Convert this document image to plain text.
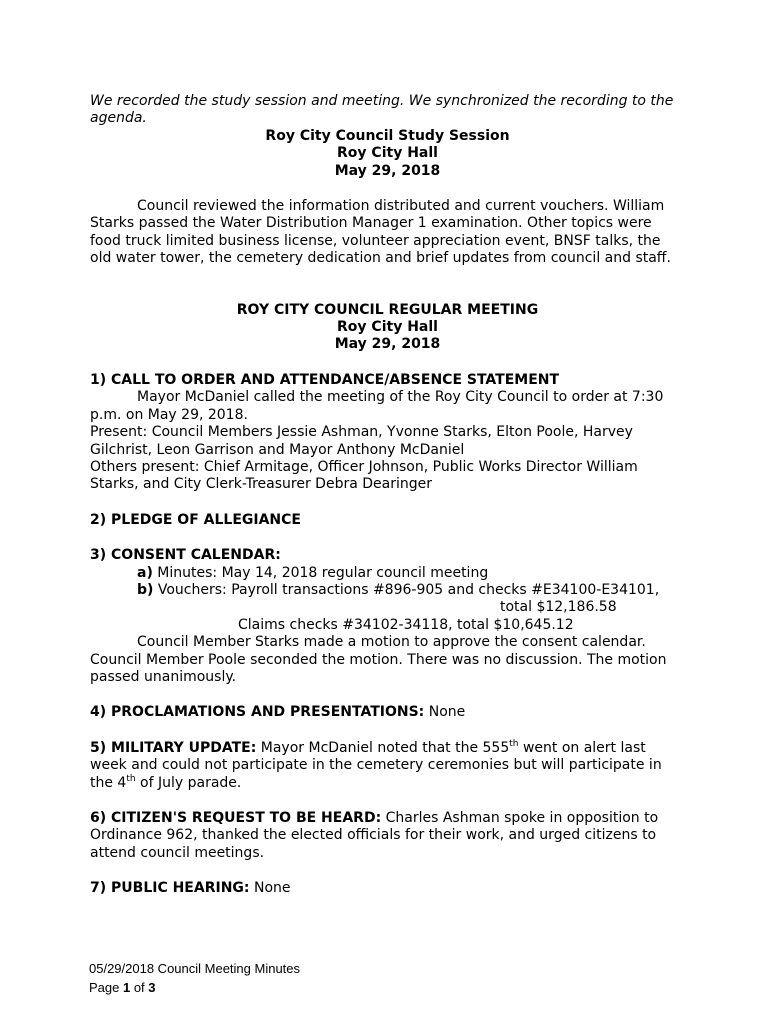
We recorded the study session and meeting. We synchronized the recording to the agenda.

Roy City Council Study Session

Roy City Hall

May 29, 2018

Council reviewed the information distributed and current vouchers. William Starks passed the Water Distribution Manager 1 examination. Other topics were food truck limited business license, volunteer appreciation event, BNSF talks, the old water tower, the cemetery dedication and brief updates from council and staff.

ROY CITY COUNCIL REGULAR MEETING

Roy City Hall

May 29, 2018

1) CALL TO ORDER AND ATTENDANCE/ABSENCE STATEMENT

Mayor McDaniel called the meeting of the Roy City Council to order at 7:30 p.m. on May 29, 2018.

Present: Council Members Jessie Ashman, Yvonne Starks, Elton Poole, Harvey Gilchrist, Leon Garrison and Mayor Anthony McDaniel

Others present: Chief Armitage, Officer Johnson, Public Works Director William Starks, and City Clerk-Treasurer Debra Dearinger

2) PLEDGE OF ALLEGIANCE

3) CONSENT CALENDAR:

a) Minutes: May 14, 2018 regular council meeting

b) Vouchers: Payroll transactions #896-905 and checks #E34100-E34101,

total $12,186.58

Claims checks #34102-34118, total $10,645.12

Council Member Starks made a motion to approve the consent calendar. Council Member Poole seconded the motion. There was no discussion. The motion passed unanimously.

4) PROCLAMATIONS AND PRESENTATIONS: None

5) MILITARY UPDATE: Mayor McDaniel noted that the 555th went on alert last week and could not participate in the cemetery ceremonies but will participate in the 4th of July parade.

6) CITIZEN'S REQUEST TO BE HEARD: Charles Ashman spoke in opposition to Ordinance 962, thanked the elected officials for their work, and urged citizens to attend council meetings.

7) PUBLIC HEARING: None

05/29/2018 Council Meeting Minutes

Page 1 of 3
